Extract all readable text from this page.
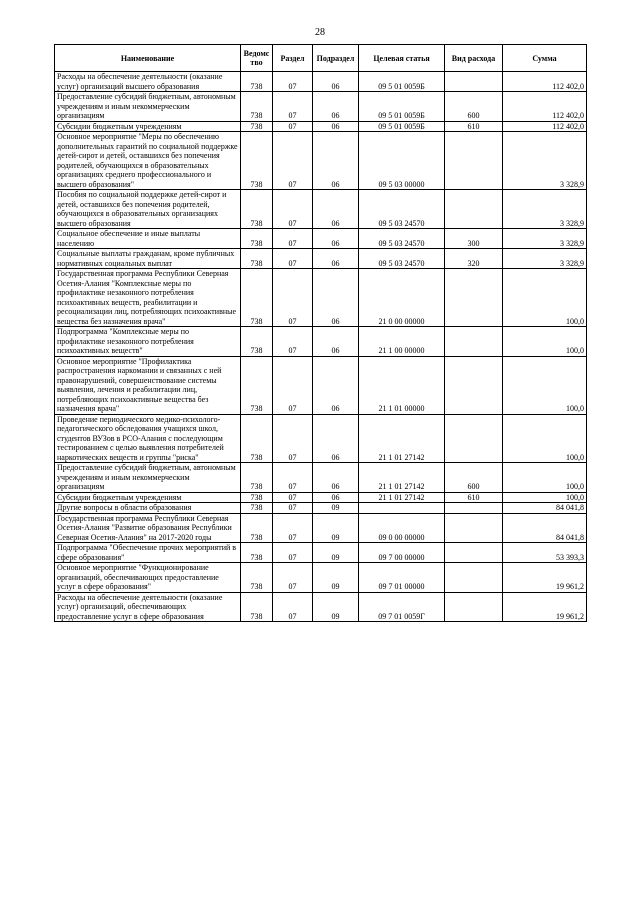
28
Наименование	Ведомс тво	Раздел	Подраздел	Целевая статья	Вид расхода	Сумма
Расходы на обеспечение деятельности (оказание услуг) организаций высшего образования	738	07	06	09 5 01 0059Б		112 402,0
Предоставление субсидий бюджетным, автономным учреждениям и иным некоммерческим организациям	738	07	06	09 5 01 0059Б	600	112 402,0
Субсидии бюджетным учреждениям	738	07	06	09 5 01 0059Б	610	112 402,0
Основное мероприятие "Меры по обеспечению дополнительных гарантий по социальной поддержке детей-сирот и детей, оставшихся без попечения родителей, обучающихся в образовательных организациях среднего профессионального и высшего образования"	738	07	06	09 5 03 00000		3 328,9
Пособия по социальной поддержке детей-сирот и детей, оставшихся без попечения родителей, обучающихся в образовательных организациях высшего образования	738	07	06	09 5 03 24570		3 328,9
Социальное обеспечение и иные выплаты населению	738	07	06	09 5 03 24570	300	3 328,9
Социальные выплаты гражданам, кроме публичных нормативных социальных выплат	738	07	06	09 5 03 24570	320	3 328,9
Государственная программа Республики Северная Осетия-Алания "Комплексные меры по профилактике незаконного потребления психоактивных веществ, реабилитации и ресоциализации лиц, потребляющих психоактивные вещества без назначения врача"	738	07	06	21 0 00 00000		100,0
Подпрограмма "Комплексные меры по профилактике незаконного потребления психоактивных веществ"	738	07	06	21 1 00 00000		100,0
Основное мероприятие "Профилактика распространения наркомании и связанных с ней правонарушений, совершенствование системы выявления, лечения и реабилитации лиц, потребляющих психоактивные вещества без назначения врача"	738	07	06	21 1 01 00000		100,0
Проведение периодического медико-психолого-педагогического обследования учащихся школ, студентов ВУЗов в РСО-Алания с последующим тестированием с целью выявления потребителей наркотических веществ и группы "риска"	738	07	06	21 1 01 27142		100,0
Предоставление субсидий бюджетным, автономным учреждениям и иным некоммерческим организациям	738	07	06	21 1 01 27142	600	100,0
Субсидии бюджетным учреждениям	738	07	06	21 1 01 27142	610	100,0
Другие вопросы в области образования	738	07	09			84 041,8
Государственная программа Республики Северная Осетия-Алания "Развитие образования Республики Северная Осетия-Алания" на 2017-2020 годы	738	07	09	09 0 00 00000		84 041,8
Подпрограмма "Обеспечение прочих мероприятий в сфере образования"	738	07	09	09 7 00 00000		53 393,3
Основное мероприятие "Функционирование организаций, обеспечивающих предоставление услуг в сфере образования"	738	07	09	09 7 01 00000		19 961,2
Расходы на обеспечение деятельности (оказание услуг) организаций, обеспечивающих предоставление услуг в сфере образования	738	07	09	09 7 01 0059Г		19 961,2
